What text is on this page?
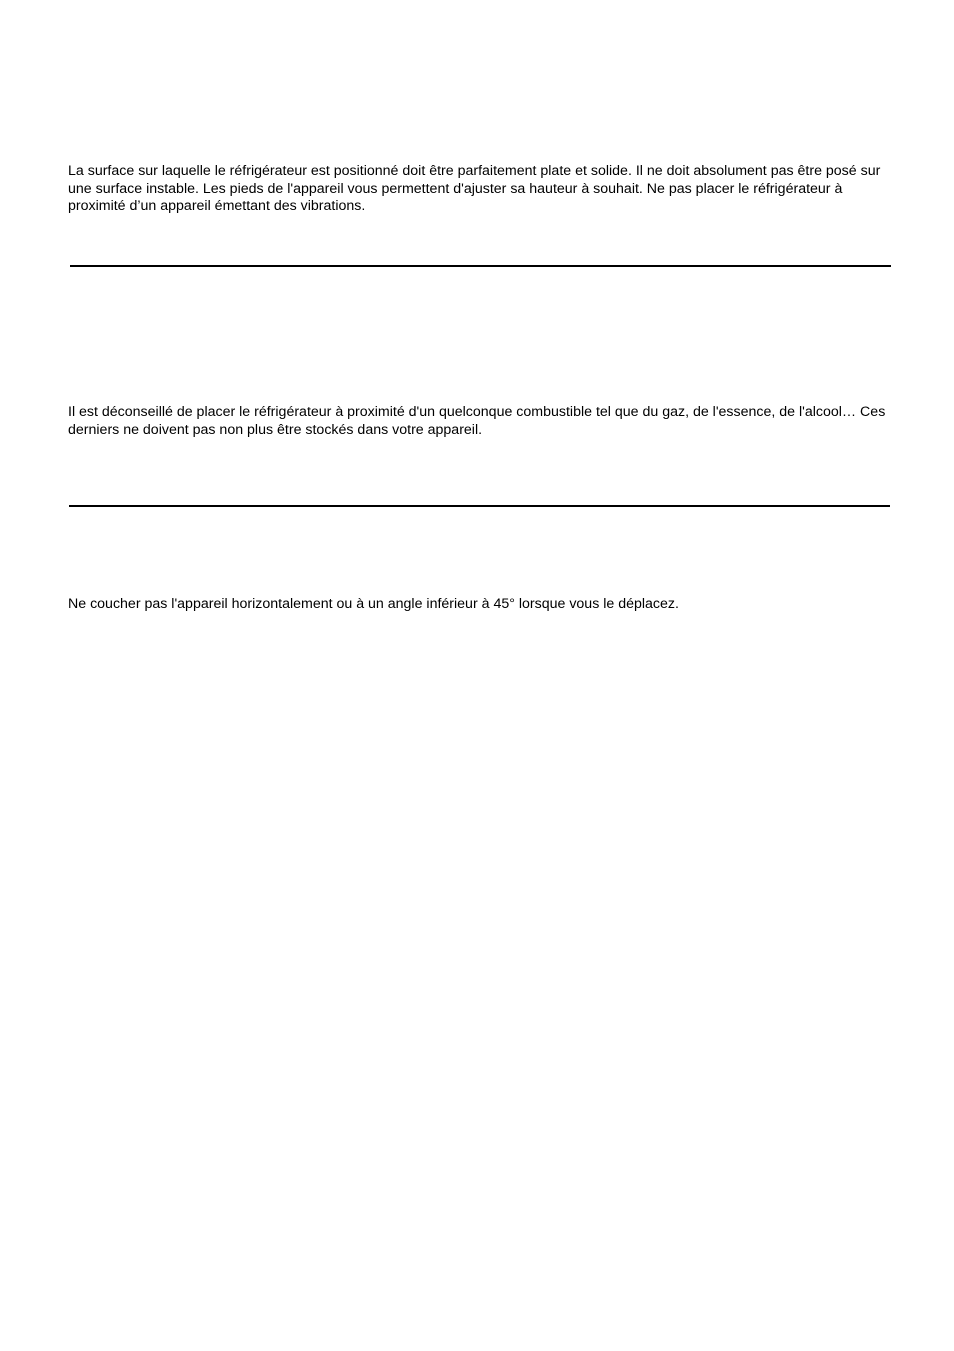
La surface sur laquelle le réfrigérateur est positionné doit être parfaitement plate et solide. Il ne doit absolument pas être posé sur une surface instable. Les pieds de l'appareil vous permettent d'ajuster sa hauteur à souhait. Ne pas placer le réfrigérateur à proximité d’un appareil émettant des vibrations.

Il est déconseillé de placer le réfrigérateur à proximité d'un quelconque combustible tel que du gaz, de l'essence, de l'alcool… Ces derniers ne doivent pas non plus être stockés dans votre appareil.

Ne coucher pas l'appareil horizontalement ou à un angle inférieur à 45° lorsque vous le déplacez.
